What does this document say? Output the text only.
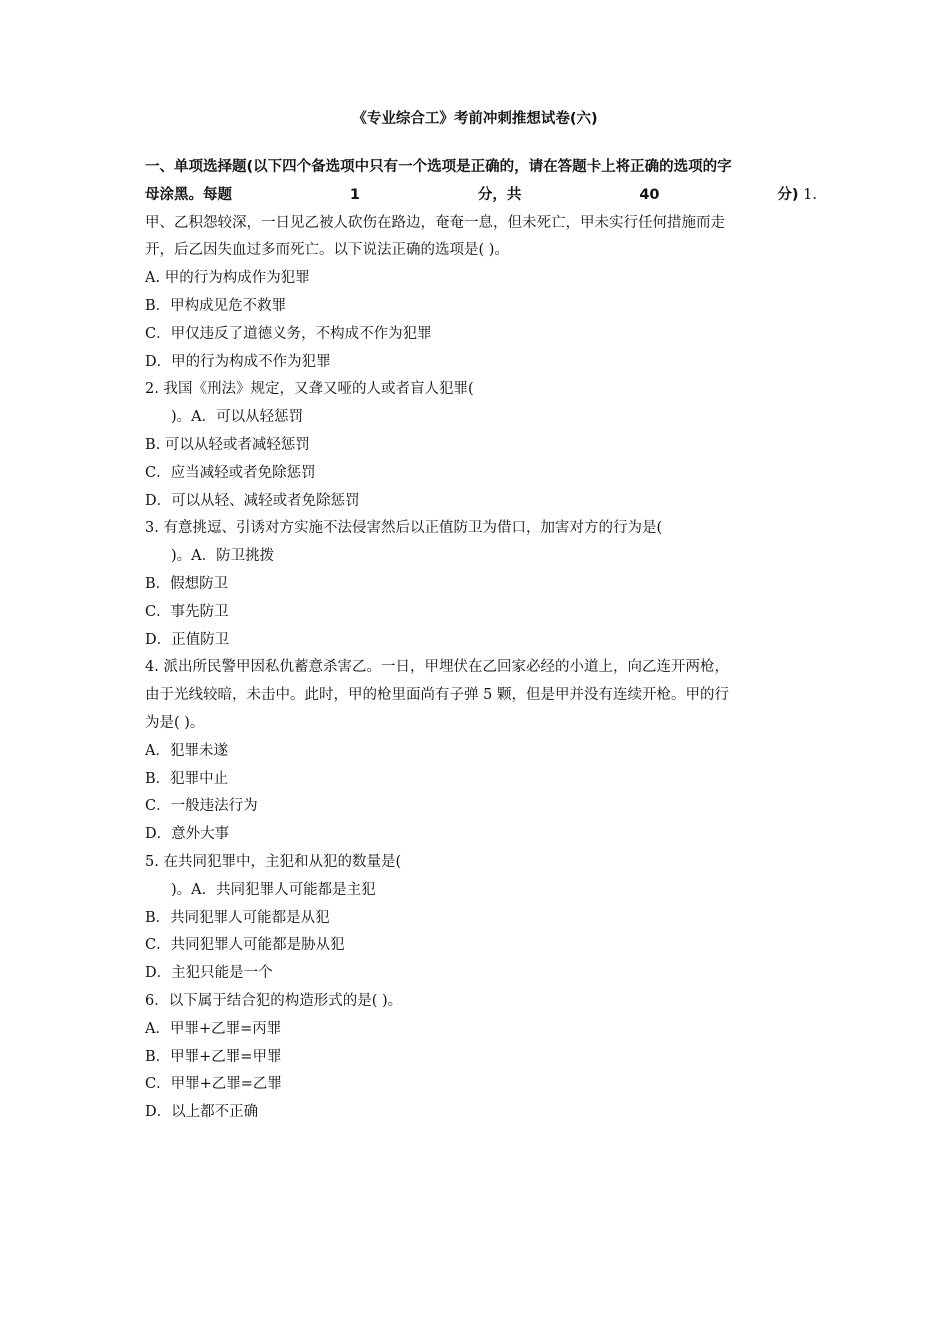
《专业综合工》考前冲刺推想试卷(六)
一、单项选择题(以下四个备选项中只有一个选项是正确的，请在答题卡上将正确的选项的字
母涂黑。每题	1	分，共	40	分) 1.
甲、乙积怨较深，一日见乙被人砍伤在路边，奄奄一息，但未死亡，甲未实行任何措施而走
开，后乙因失血过多而死亡。以下说法正确的选项是( )。
A. 甲的行为构成作为犯罪
B．甲构成见危不救罪
C．甲仅违反了道德义务，不构成不作为犯罪
D．甲的行为构成不作为犯罪
2. 我国《刑法》规定，又聋又哑的人或者盲人犯罪(
)。A．可以从轻惩罚
B. 可以从轻或者减轻惩罚
C．应当减轻或者免除惩罚
D．可以从轻、减轻或者免除惩罚
3. 有意挑逗、引诱对方实施不法侵害然后以正值防卫为借口，加害对方的行为是(
)。A．防卫挑拨
B．假想防卫
C．事先防卫
D．正值防卫
4. 派出所民警甲因私仇蓄意杀害乙。一日，甲埋伏在乙回家必经的小道上，向乙连开两枪，
由于光线较暗，未击中。此时，甲的枪里面尚有子弹 5 颗，但是甲并没有连续开枪。甲的行
为是( )。
A．犯罪未遂
B．犯罪中止
C．一般违法行为
D．意外大事
5. 在共同犯罪中，主犯和从犯的数量是(
)。A．共同犯罪人可能都是主犯
B．共同犯罪人可能都是从犯
C．共同犯罪人可能都是胁从犯
D．主犯只能是一个
6．以下属于结合犯的构造形式的是( )。
A．甲罪+乙罪=丙罪
B．甲罪+乙罪=甲罪
C．甲罪+乙罪=乙罪
D．以上都不正确
